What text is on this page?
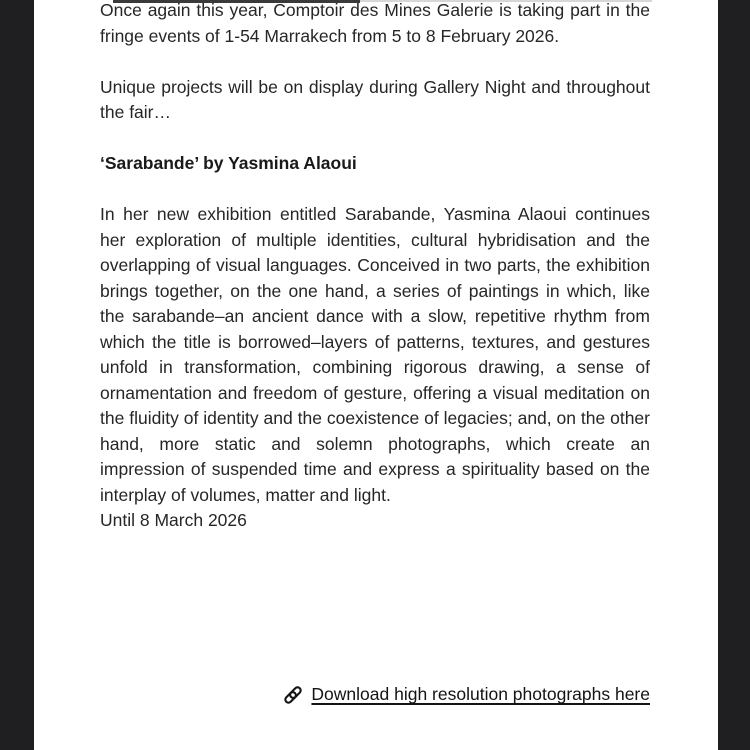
Once again this year, Comptoir des Mines Galerie is taking part in the fringe events of 1-54 Marrakech from 5 to 8 February 2026.

Unique projects will be on display during Gallery Night and throughout the fair…

‘Sarabande’ by Yasmina Alaoui

In her new exhibition entitled Sarabande, Yasmina Alaoui continues her exploration of multiple identities, cultural hybridisation and the overlapping of visual languages. Conceived in two parts, the exhibition brings together, on the one hand, a series of paintings in which, like the sarabande–an ancient dance with a slow, repetitive rhythm from which the title is borrowed–layers of patterns, textures, and gestures unfold in transformation, combining rigorous drawing, a sense of ornamentation and freedom of gesture, offering a visual meditation on the fluidity of identity and the coexistence of legacies; and, on the other hand, more static and solemn photographs, which create an impression of suspended time and express a spirituality based on the interplay of volumes, matter and light.

Until 8 March 2026

Download high resolution photographs here
